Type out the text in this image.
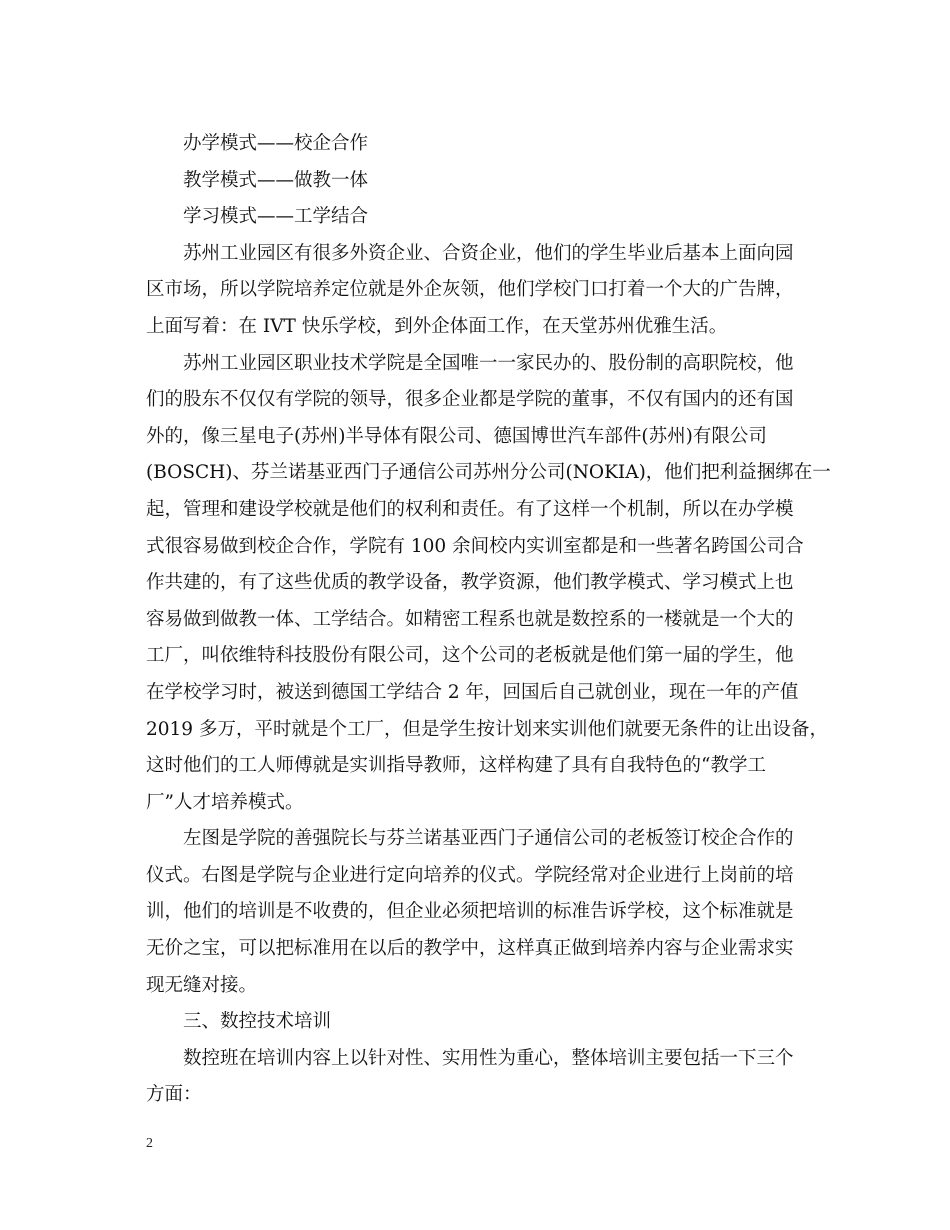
办学模式——校企合作
教学模式——做教一体
学习模式——工学结合
苏州工业园区有很多外资企业、合资企业，他们的学生毕业后基本上面向园
区市场，所以学院培养定位就是外企灰领，他们学校门口打着一个大的广告牌，
上面写着：在 IVT 快乐学校，到外企体面工作，在天堂苏州优雅生活。
苏州工业园区职业技术学院是全国唯一一家民办的、股份制的高职院校，他
们的股东不仅仅有学院的领导，很多企业都是学院的董事，不仅有国内的还有国
外的，像三星电子(苏州)半导体有限公司、德国博世汽车部件(苏州)有限公司
(BOSCH)、芬兰诺基亚西门子通信公司苏州分公司(NOKIA)，他们把利益捆绑在一
起，管理和建设学校就是他们的权利和责任。有了这样一个机制，所以在办学模
式很容易做到校企合作，学院有 100 余间校内实训室都是和一些著名跨国公司合
作共建的，有了这些优质的教学设备，教学资源，他们教学模式、学习模式上也
容易做到做教一体、工学结合。如精密工程系也就是数控系的一楼就是一个大的
工厂，叫依维特科技股份有限公司，这个公司的老板就是他们第一届的学生，他
在学校学习时，被送到德国工学结合 2 年，回国后自己就创业，现在一年的产值
2019 多万，平时就是个工厂，但是学生按计划来实训他们就要无条件的让出设备，
这时他们的工人师傅就是实训指导教师，这样构建了具有自我特色的“教学工
厂”人才培养模式。
左图是学院的善强院长与芬兰诺基亚西门子通信公司的老板签订校企合作的
仪式。右图是学院与企业进行定向培养的仪式。学院经常对企业进行上岗前的培
训，他们的培训是不收费的，但企业必须把培训的标准告诉学校，这个标准就是
无价之宝，可以把标准用在以后的教学中，这样真正做到培养内容与企业需求实
现无缝对接。
三、数控技术培训
数控班在培训内容上以针对性、实用性为重心，整体培训主要包括一下三个
方面：
2
